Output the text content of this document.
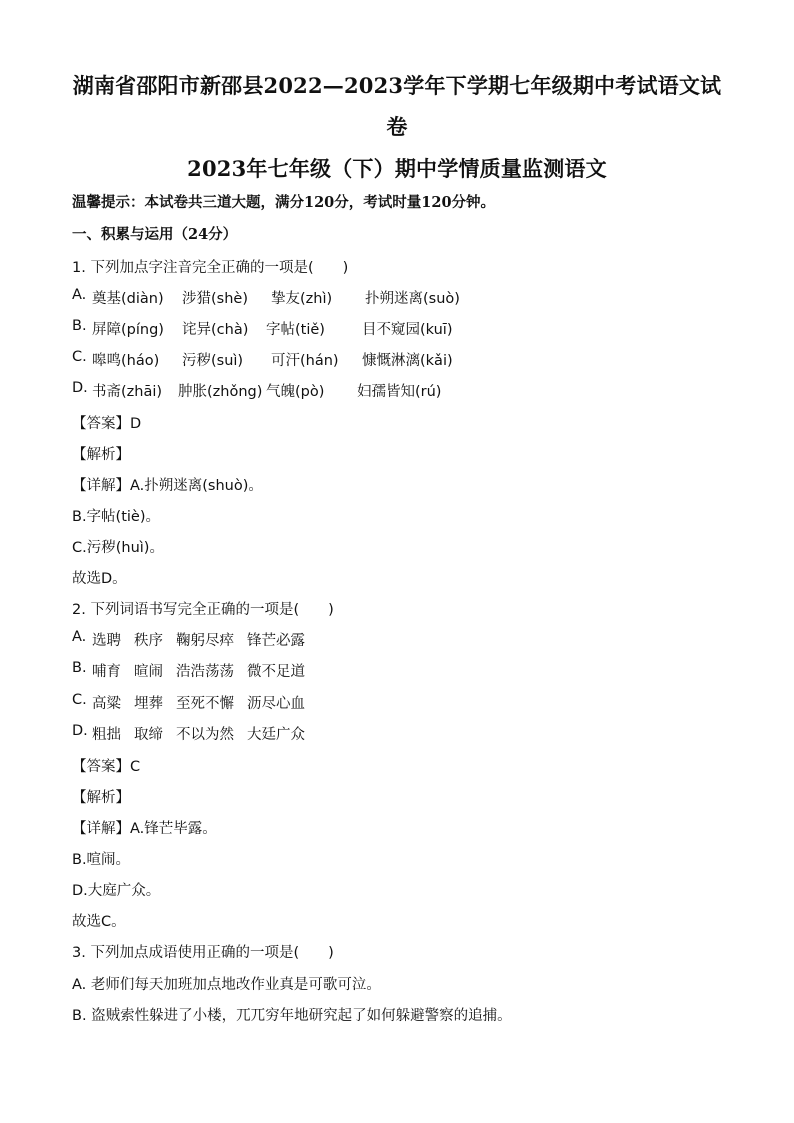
湖南省邵阳市新邵县2022—2023学年下学期七年级期中考试语文试
卷
2023年七年级（下）期中学情质量监测语文
温馨提示：本试卷共三道大题，满分120分，考试时量120分钟。
一、积累与运用（24分）
1. 下列加点字注音完全正确的一项是(　　)
A. 奠基(diàn) 涉猎(shè) 挚友(zhì) 扑朔迷离(suò)
B. 屏障(píng) 诧异(chà) 字帖(tiě)	目不窥园(kuī)
C. 嗥鸣(háo) 污秽(suì) 可汗(hán) 慷慨淋漓(kǎi)
D. 书斋(zhāi) 肿胀(zhǒng) 气魄(pò) 妇孺皆知(rú)
【答案】D
【解析】
【详解】A.扑朔迷离(shuò)。
B.字帖(tiè)。
C.污秽(huì)。
故选D。
2. 下列词语书写完全正确的一项是(　　)
A. 选聘 秩序 鞠躬尽瘁 锋芒必露
B. 哺育 暄闹 浩浩荡荡 微不足道
C. 高粱 埋葬 至死不懈 沥尽心血
D. 粗拙 取缔 不以为然 大廷广众
【答案】C
【解析】
【详解】A.锋芒毕露。
B.喧闹。
D.大庭广众。
故选C。
3. 下列加点成语使用正确的一项是(　　)
A. 老师们每天加班加点地改作业真是可歌可泣。
B. 盗贼索性躲进了小楼，兀兀穷年地研究起了如何躲避警察的追捕。
